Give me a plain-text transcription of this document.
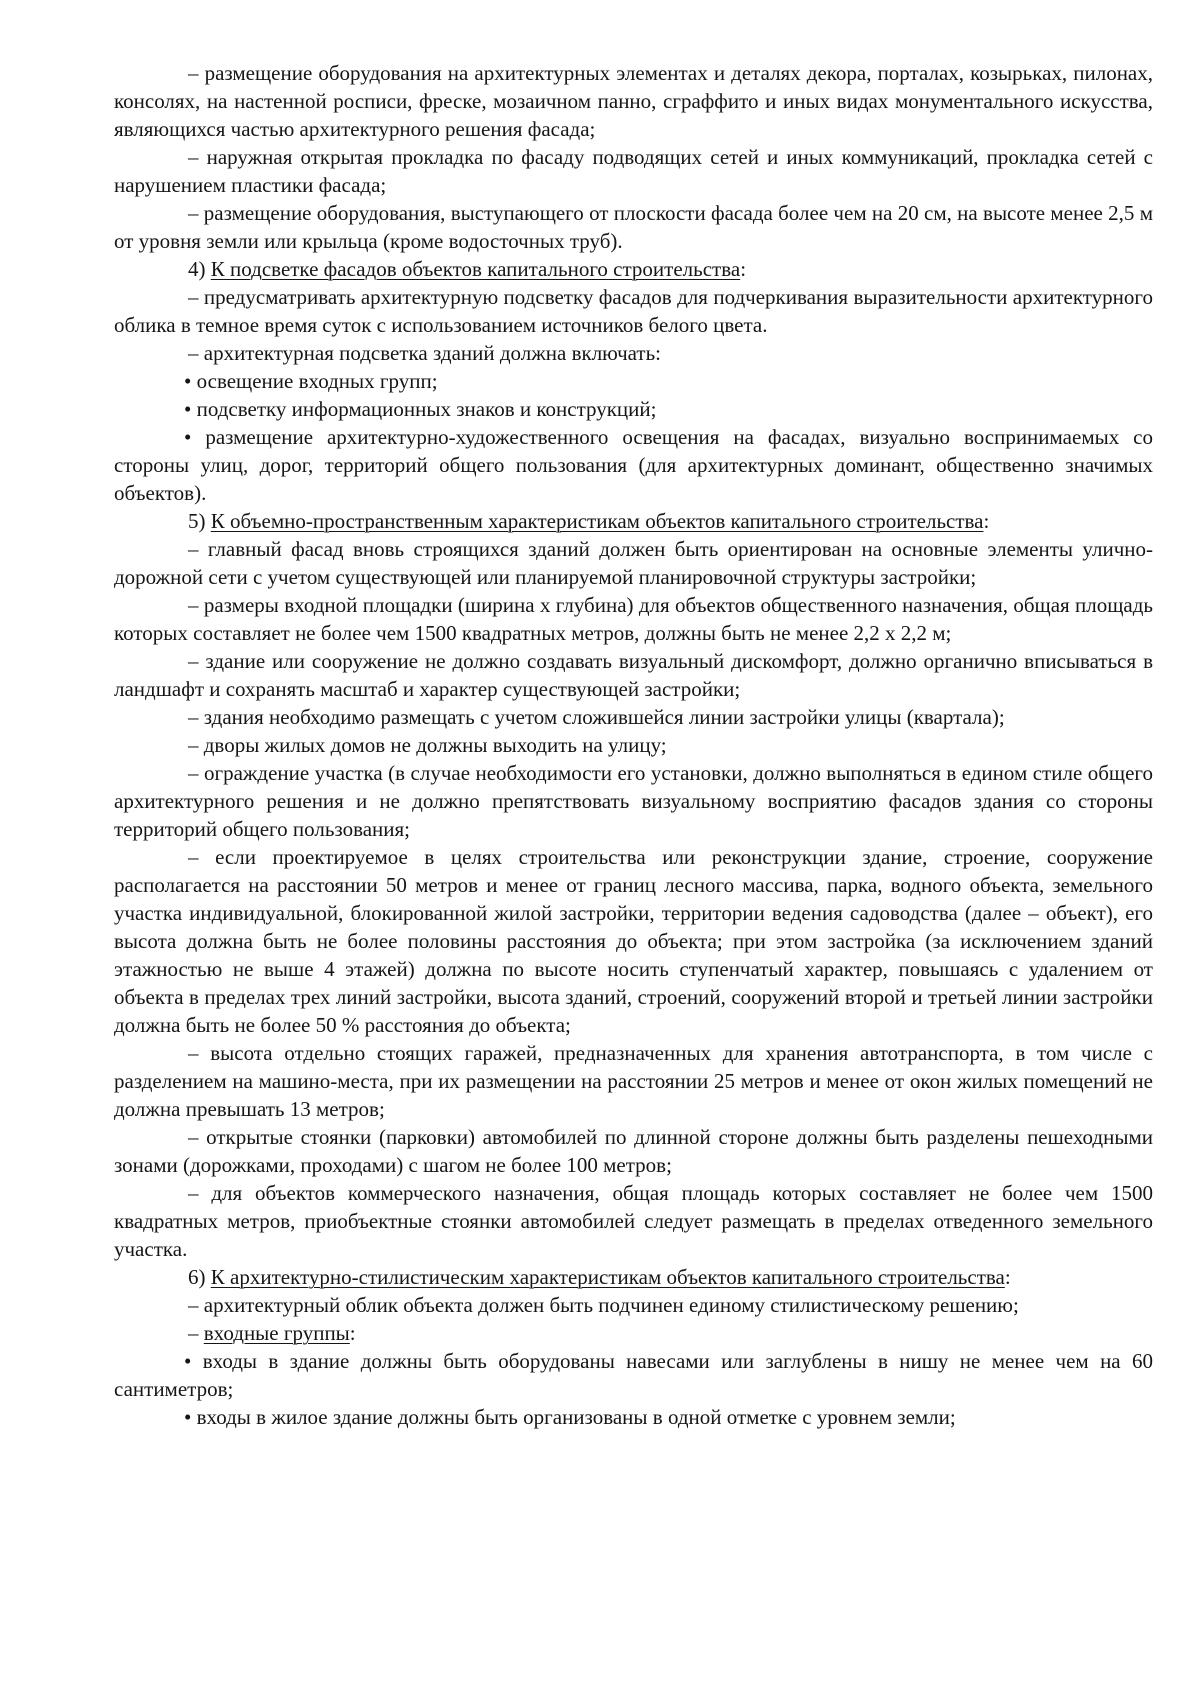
– размещение оборудования на архитектурных элементах и деталях декора, порталах, козырьках, пилонах, консолях, на настенной росписи, фреске, мозаичном панно, сграффито и иных видах монументального искусства, являющихся частью архитектурного решения фасада;

– наружная открытая прокладка по фасаду подводящих сетей и иных коммуникаций, прокладка сетей с нарушением пластики фасада;

– размещение оборудования, выступающего от плоскости фасада более чем на 20 см, на высоте менее 2,5 м от уровня земли или крыльца (кроме водосточных труб).

4) К подсветке фасадов объектов капитального строительства:

– предусматривать архитектурную подсветку фасадов для подчеркивания выразительности архитектурного облика в темное время суток с использованием источников белого цвета.

– архитектурная подсветка зданий должна включать:

• освещение входных групп;

• подсветку информационных знаков и конструкций;

• размещение архитектурно-художественного освещения на фасадах, визуально воспринимаемых со стороны улиц, дорог, территорий общего пользования (для архитектурных доминант, общественно значимых объектов).

5) К объемно-пространственным характеристикам объектов капитального строительства:

– главный фасад вновь строящихся зданий должен быть ориентирован на основные элементы улично-дорожной сети с учетом существующей или планируемой планировочной структуры застройки;

– размеры входной площадки (ширина х глубина) для объектов общественного назначения, общая площадь которых составляет не более чем 1500 квадратных метров, должны быть не менее 2,2 х 2,2 м;

– здание или сооружение не должно создавать визуальный дискомфорт, должно органично вписываться в ландшафт и сохранять масштаб и характер существующей застройки;

– здания необходимо размещать с учетом сложившейся линии застройки улицы (квартала);

– дворы жилых домов не должны выходить на улицу;

– ограждение участка (в случае необходимости его установки, должно выполняться в едином стиле общего архитектурного решения и не должно препятствовать визуальному восприятию фасадов здания со стороны территорий общего пользования;

– если проектируемое в целях строительства или реконструкции здание, строение, сооружение располагается на расстоянии 50 метров и менее от границ лесного массива, парка, водного объекта, земельного участка индивидуальной, блокированной жилой застройки, территории ведения садоводства (далее – объект), его высота должна быть не более половины расстояния до объекта; при этом застройка (за исключением зданий этажностью не выше 4 этажей) должна по высоте носить ступенчатый характер, повышаясь с удалением от объекта в пределах трех линий застройки, высота зданий, строений, сооружений второй и третьей линии застройки должна быть не более 50 % расстояния до объекта;

– высота отдельно стоящих гаражей, предназначенных для хранения автотранспорта, в том числе с разделением на машино-места, при их размещении на расстоянии 25 метров и менее от окон жилых помещений не должна превышать 13 метров;

– открытые стоянки (парковки) автомобилей по длинной стороне должны быть разделены пешеходными зонами (дорожками, проходами) с шагом не более 100 метров;

– для объектов коммерческого назначения, общая площадь которых составляет не более чем 1500 квадратных метров, приобъектные стоянки автомобилей следует размещать в пределах отведенного земельного участка.

6) К архитектурно-стилистическим характеристикам объектов капитального строительства:

– архитектурный облик объекта должен быть подчинен единому стилистическому решению;

– входные группы:

• входы в здание должны быть оборудованы навесами или заглублены в нишу не менее чем на 60 сантиметров;

• входы в жилое здание должны быть организованы в одной отметке с уровнем земли;
